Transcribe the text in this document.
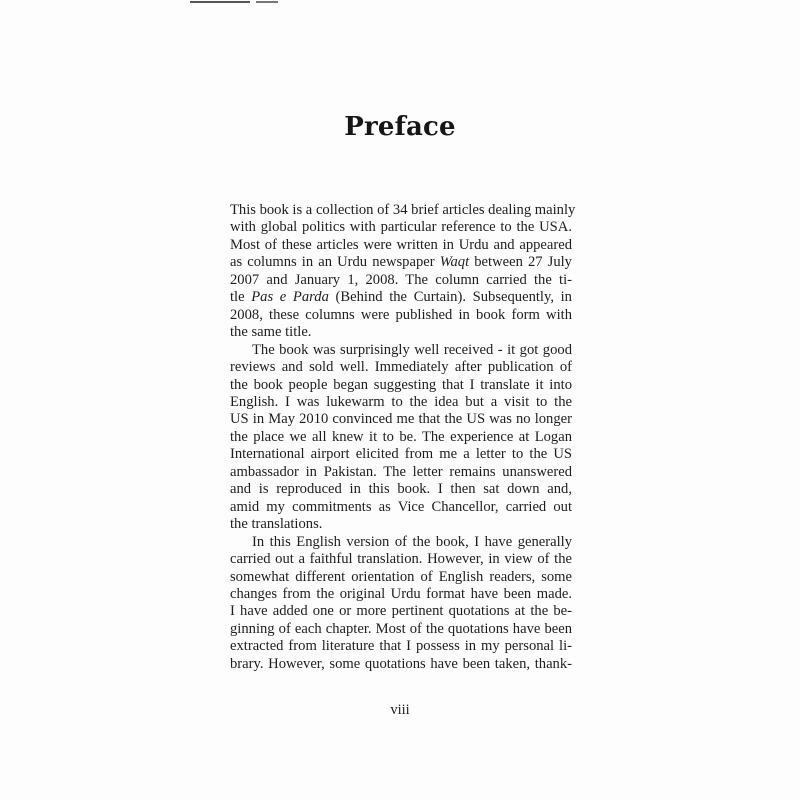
Preface

This book is a collection of 34 brief articles dealing mainly
with global politics with particular reference to the USA.
Most of these articles were written in Urdu and appeared
as columns in an Urdu newspaper Waqt between 27 July
2007 and January 1, 2008. The column carried the ti-
tle Pas e Parda (Behind the Curtain). Subsequently, in
2008, these columns were published in book form with
the same title.

The book was surprisingly well received - it got good
reviews and sold well. Immediately after publication of
the book people began suggesting that I translate it into
English. I was lukewarm to the idea but a visit to the
US in May 2010 convinced me that the US was no longer
the place we all knew it to be. The experience at Logan
International airport elicited from me a letter to the US
ambassador in Pakistan. The letter remains unanswered
and is reproduced in this book. I then sat down and,
amid my commitments as Vice Chancellor, carried out
the translations.

In this English version of the book, I have generally
carried out a faithful translation. However, in view of the
somewhat different orientation of English readers, some
changes from the original Urdu format have been made.
I have added one or more pertinent quotations at the be-
ginning of each chapter. Most of the quotations have been
extracted from literature that I possess in my personal li-
brary. However, some quotations have been taken, thank-

viii
